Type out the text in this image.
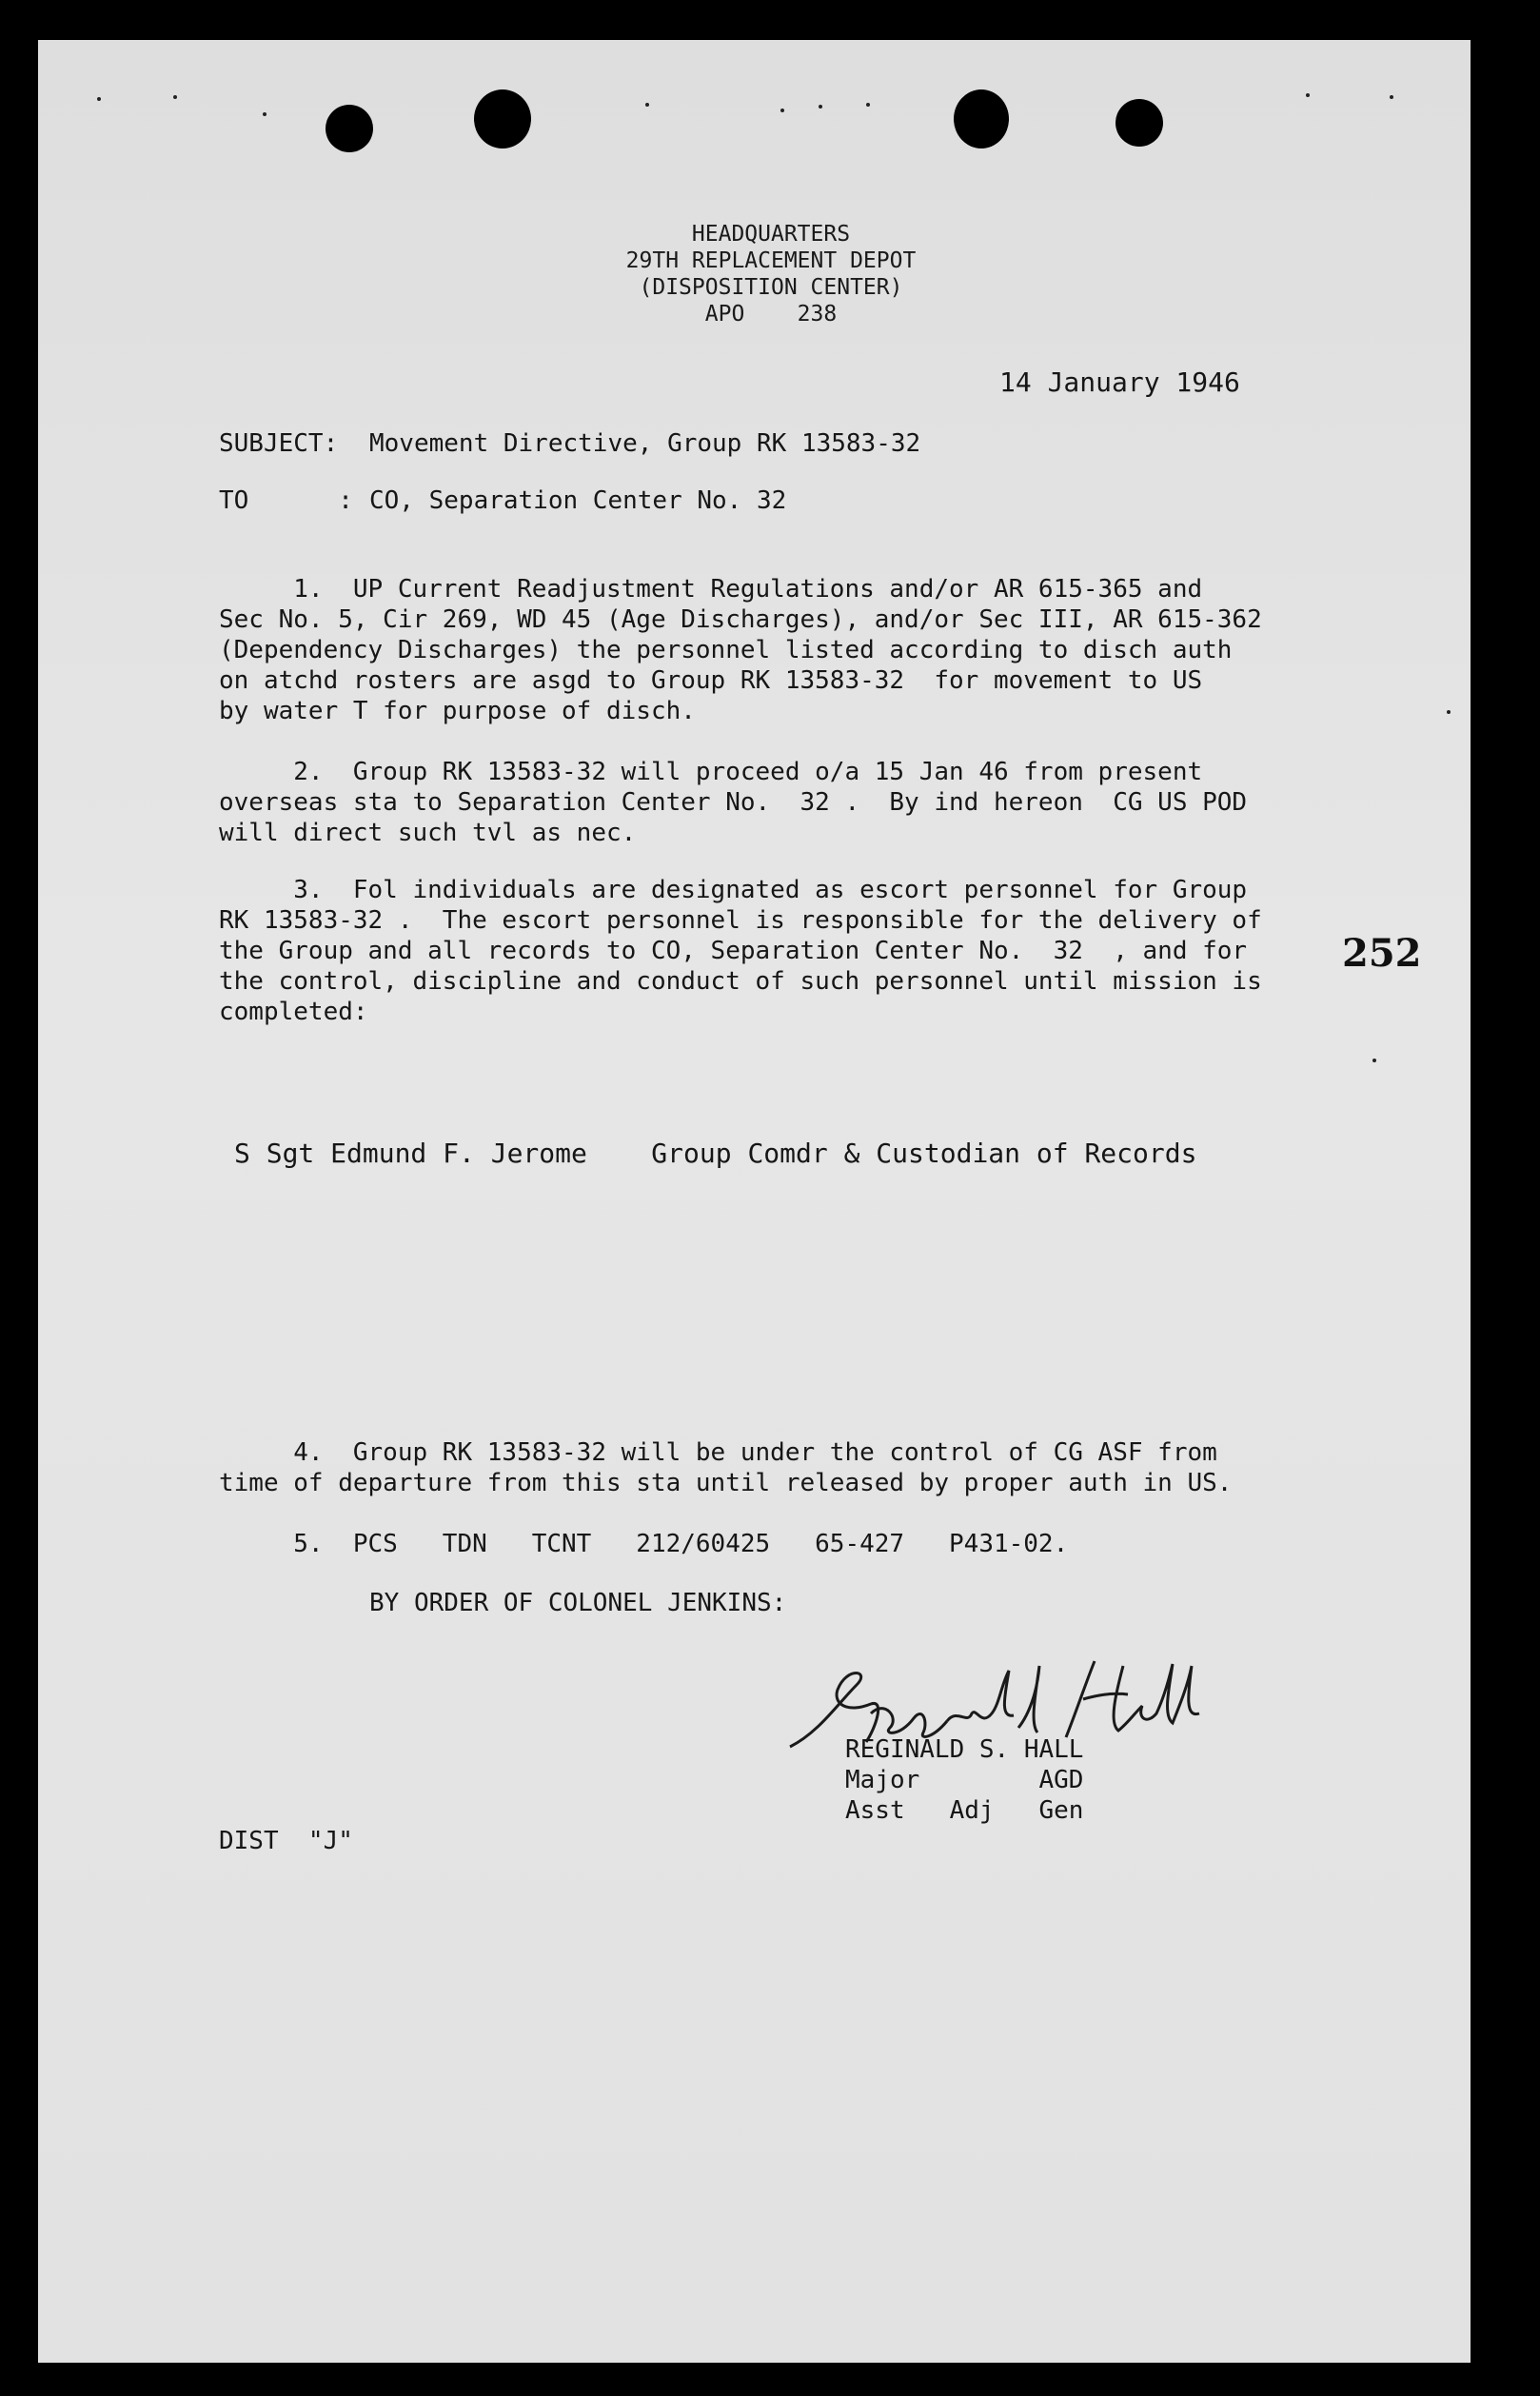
HEADQUARTERS
29TH REPLACEMENT DEPOT
(DISPOSITION CENTER)
APO    238
14 January 1946
SUBJECT: Movement Directive, Group RK 13583-32
TO      : CO, Separation Center No. 32
1.  UP Current Readjustment Regulations and/or AR 615-365 and
Sec No. 5, Cir 269, WD 45 (Age Discharges), and/or Sec III, AR 615-362
(Dependency Discharges) the personnel listed according to disch auth
on atchd rosters are asgd to Group RK 13583-32  for movement to US
by water T for purpose of disch.
2.  Group RK 13583-32 will proceed o/a 15 Jan 46 from present
overseas sta to Separation Center No.  32 .  By ind hereon  CG US POD
will direct such tvl as nec.
3.  Fol individuals are designated as escort personnel for Group
RK 13583-32 .  The escort personnel is responsible for the delivery of
the Group and all records to CO, Separation Center No.  32  , and for
the control, discipline and conduct of such personnel until mission is
completed:
252
S Sgt Edmund F. Jerome    Group Comdr & Custodian of Records
4.  Group RK 13583-32 will be under the control of CG ASF from
time of departure from this sta until released by proper auth in US.
5.  PCS   TDN   TCNT   212/60425   65-427   P431-02.
BY ORDER OF COLONEL JENKINS:
REGINALD S. HALL
Major        AGD
Asst   Adj   Gen
DIST  "J"
